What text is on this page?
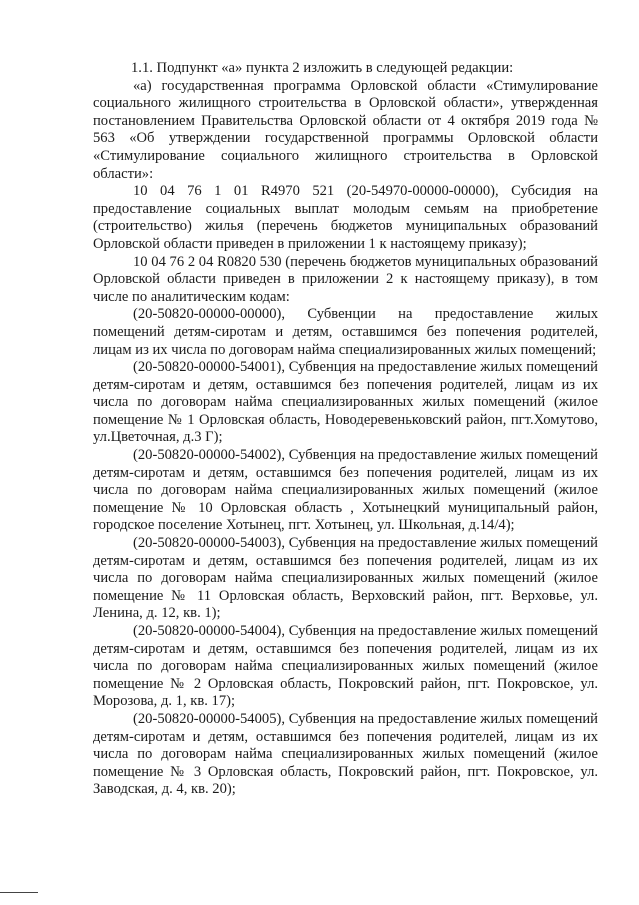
1.1. Подпункт «а» пункта 2 изложить в следующей редакции:

«а) государственная программа Орловской области «Стимулирование социального жилищного строительства в Орловской области», утвержденная постановлением Правительства Орловской области от 4 октября 2019 года № 563 «Об утверждении государственной программы Орловской области «Стимулирование социального жилищного строительства в Орловской области»:

10 04 76 1 01 R4970 521 (20-54970-00000-00000), Субсидия на предоставление социальных выплат молодым семьям на приобретение (строительство) жилья (перечень бюджетов муниципальных образований Орловской области приведен в приложении 1 к настоящему приказу);

10 04 76 2 04 R0820 530 (перечень бюджетов муниципальных образований Орловской области приведен в приложении 2 к настоящему приказу), в том числе по аналитическим кодам:

(20-50820-00000-00000), Субвенции на предоставление жилых помещений детям-сиротам и детям, оставшимся без попечения родителей, лицам из их числа по договорам найма специализированных жилых помещений;

(20-50820-00000-54001), Субвенция на предоставление жилых помещений детям-сиротам и детям, оставшимся без попечения родителей, лицам из их числа по договорам найма специализированных жилых помещений (жилое помещение № 1 Орловская область, Новодеревеньковский район, пгт.Хомутово, ул.Цветочная, д.3 Г);

(20-50820-00000-54002), Субвенция на предоставление жилых помещений детям-сиротам и детям, оставшимся без попечения родителей, лицам из их числа по договорам найма специализированных жилых помещений (жилое помещение № 10 Орловская область , Хотынецкий муниципальный район, городское поселение Хотынец, пгт. Хотынец, ул. Школьная, д.14/4);

(20-50820-00000-54003), Субвенция на предоставление жилых помещений детям-сиротам и детям, оставшимся без попечения родителей, лицам из их числа по договорам найма специализированных жилых помещений (жилое помещение № 11 Орловская область, Верховский район, пгт. Верховье, ул. Ленина, д. 12, кв. 1);

(20-50820-00000-54004), Субвенция на предоставление жилых помещений детям-сиротам и детям, оставшимся без попечения родителей, лицам из их числа по договорам найма специализированных жилых помещений (жилое помещение № 2 Орловская область, Покровский район, пгт. Покровское, ул. Морозова, д. 1, кв. 17);

(20-50820-00000-54005), Субвенция на предоставление жилых помещений детям-сиротам и детям, оставшимся без попечения родителей, лицам из их числа по договорам найма специализированных жилых помещений (жилое помещение № 3 Орловская область, Покровский район, пгт. Покровское, ул. Заводская, д. 4, кв. 20);
